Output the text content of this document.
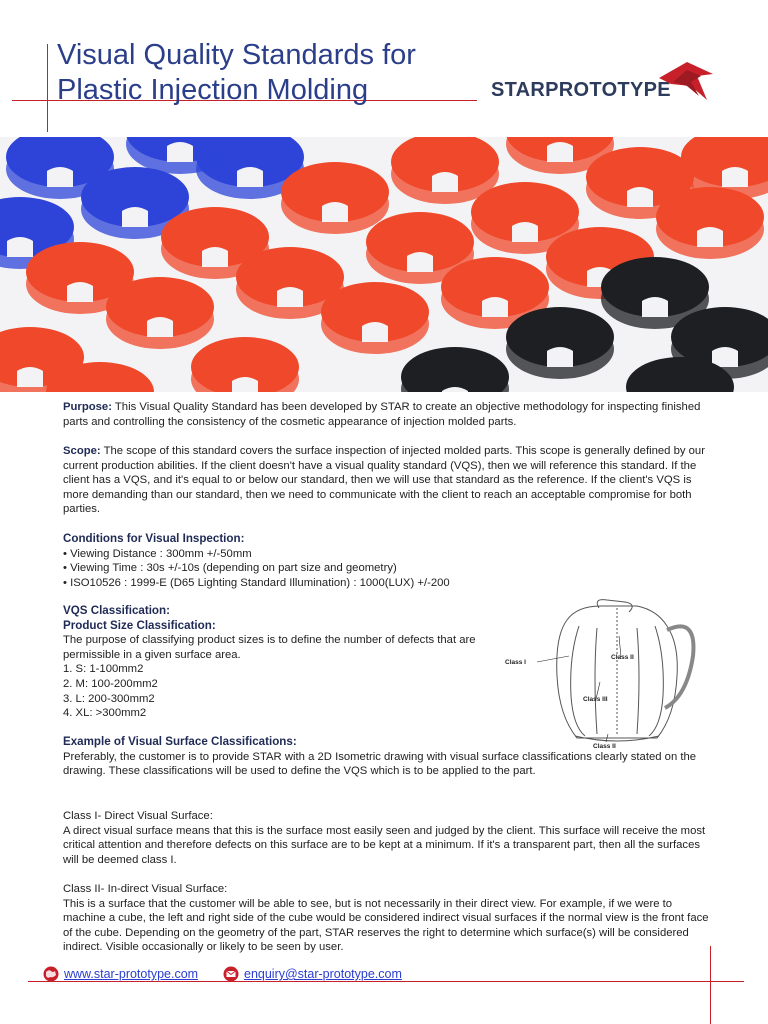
Visual Quality Standards for
Plastic Injection Molding	STARPROTOTYPE
Purpose: This Visual Quality Standard has been developed by STAR to create an objective methodology for inspecting finished parts and controlling the consistency of the cosmetic appearance of injection molded parts.
Scope: The scope of this standard covers the surface inspection of injected molded parts. This scope is generally defined by our current production abilities. If the client doesn't have a visual quality standard (VQS), then we will reference this standard. If the client has a VQS, and it's equal to or below our standard, then we will use that standard as the reference. If the client's VQS is more demanding than our standard, then we need to communicate with the client to reach an acceptable compromise for both parties.
Conditions for Visual Inspection:
• Viewing Distance : 300mm +/-50mm
• Viewing Time : 30s +/-10s (depending on part size and geometry)
• ISO10526 : 1999-E (D65 Lighting Standard Illumination) : 1000(LUX) +/-200
VQS Classification:
Product Size Classification:
The purpose of classifying product sizes is to define the number of defects that are permissible in a given surface area.
1. S: 1-100mm2
2. M: 100-200mm2
3. L: 200-300mm2
4. XL: >300mm2
Class I
Class II
Class III
Class II
Example of Visual Surface Classifications:
Preferably, the customer is to provide STAR with a 2D Isometric drawing with visual surface classifications clearly stated on the drawing. These classifications will be used to define the VQS which is to be applied to the part.
Class I- Direct Visual Surface:
A direct visual surface means that this is the surface most easily seen and judged by the client. This surface will receive the most critical attention and therefore defects on this surface are to be kept at a minimum. If it's a transparent part, then all the surfaces will be deemed class I.
Class II- In-direct Visual Surface:
This is a surface that the customer will be able to see, but is not necessarily in their direct view. For example, if we were to machine a cube, the left and right side of the cube would be considered indirect visual surfaces if the normal view is the front face of the cube. Depending on the geometry of the part, STAR reserves the right to determine which surface(s) will be considered indirect. Visible occasionally or likely to be seen by user.
www.star-prototype.com	enquiry@star-prototype.com
